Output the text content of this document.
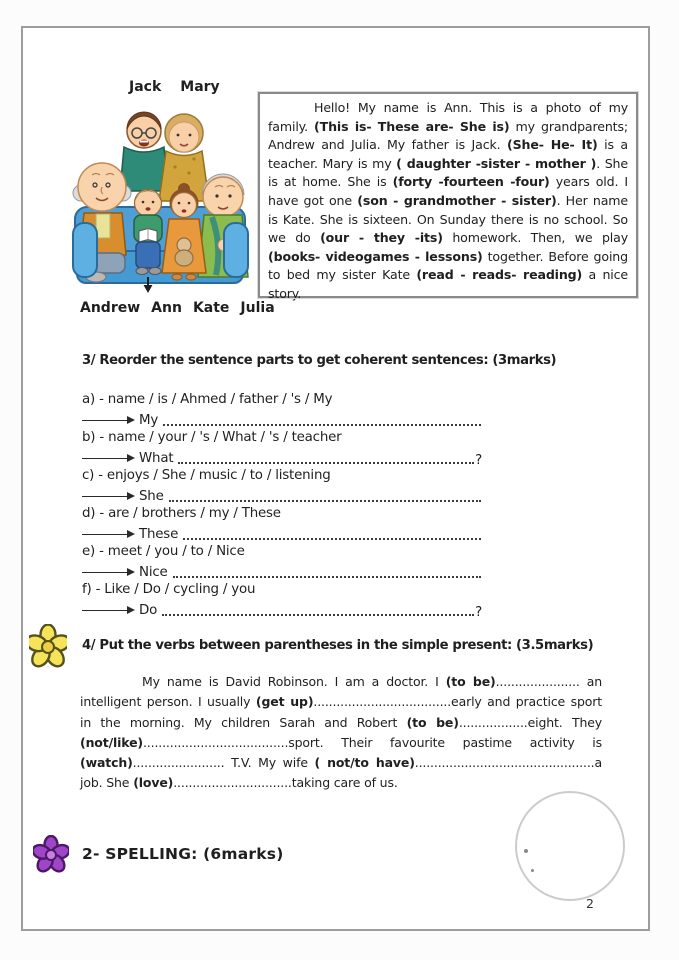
Jack Mary
Andrew Ann Kate Julia
Hello! My name is Ann. This is a photo of my family. (This is- These are- She is) my grandparents; Andrew and Julia. My father is Jack. (She- He- It) is a teacher. Mary is my ( daughter -sister - mother ). She is at home. She is (forty -fourteen -four) years old. I have got one (son - grandmother - sister). Her name is Kate. She is sixteen. On Sunday there is no school. So we do (our - they -its) homework. Then, we play (books- videogames - lessons) together. Before going to bed my sister Kate (read - reads- reading) a nice story.
3/ Reorder the sentence parts to get coherent sentences: (3marks)
a) - name / is / Ahmed / father / 's / My
My
b) - name / your / 's / What / 's / teacher
What	?
c) - enjoys / She / music / to / listening
She
d) - are / brothers / my / These
These
e) - meet / you / to / Nice
Nice
f) - Like / Do / cycling / you
Do	?
4/ Put the verbs between parentheses in the simple present: (3.5marks)
My name is David Robinson. I am a doctor. I (to be)...................... an intelligent person. I usually (get up)....................................early and practice sport in the morning. My children Sarah and Robert (to be)..................eight. They (not/like)......................................sport. Their favourite pastime activity is (watch)........................ T.V. My wife ( not/to have)...............................................a job. She (love)...............................taking care of us.
2- SPELLING: (6marks)
2
